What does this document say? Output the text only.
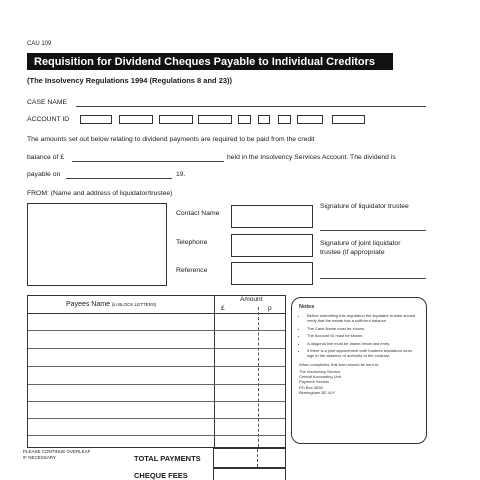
CAU 109
Requisition for Dividend Cheques Payable to Individual Creditors
(The Insolvency Regulations 1994 (Regulations 8 and 23))
CASE NAME
ACCOUNT ID
The amounts set out below relating to dividend payments are required to be paid from the credit
balance of £	held in the Insolvency Services Account. The dividend is
payable on	19.
FROM: (Name and address of liquidator/trustee)
Contact Name
Telephone
Reference
Signature of liquidator trustee
Signature of joint liquidator
trustee (if appropriate
Payees Name (in BLOCK LETTERS)
Amount
£	p
PLEASE CONTINUE OVERLEAF
IF NECESSARY	TOTAL PAYMENTS
CHEQUE FEES
Notes
• Before submitting this requisition the liquidator trustee should verify that the estate has a sufficient balance.
• The Case Name must be shown.
• The Account ID must be shown.
• A diagonal line must be drawn below last entry.
• If there is a joint appointment both trustees liquidators must sign in the absence of authority to the contrary.
When completed, this form should be sent to:
The Insolvency Service
Central Accounting Unit
Payment Section
PO Box 3690
Birmingham B2 4UY
